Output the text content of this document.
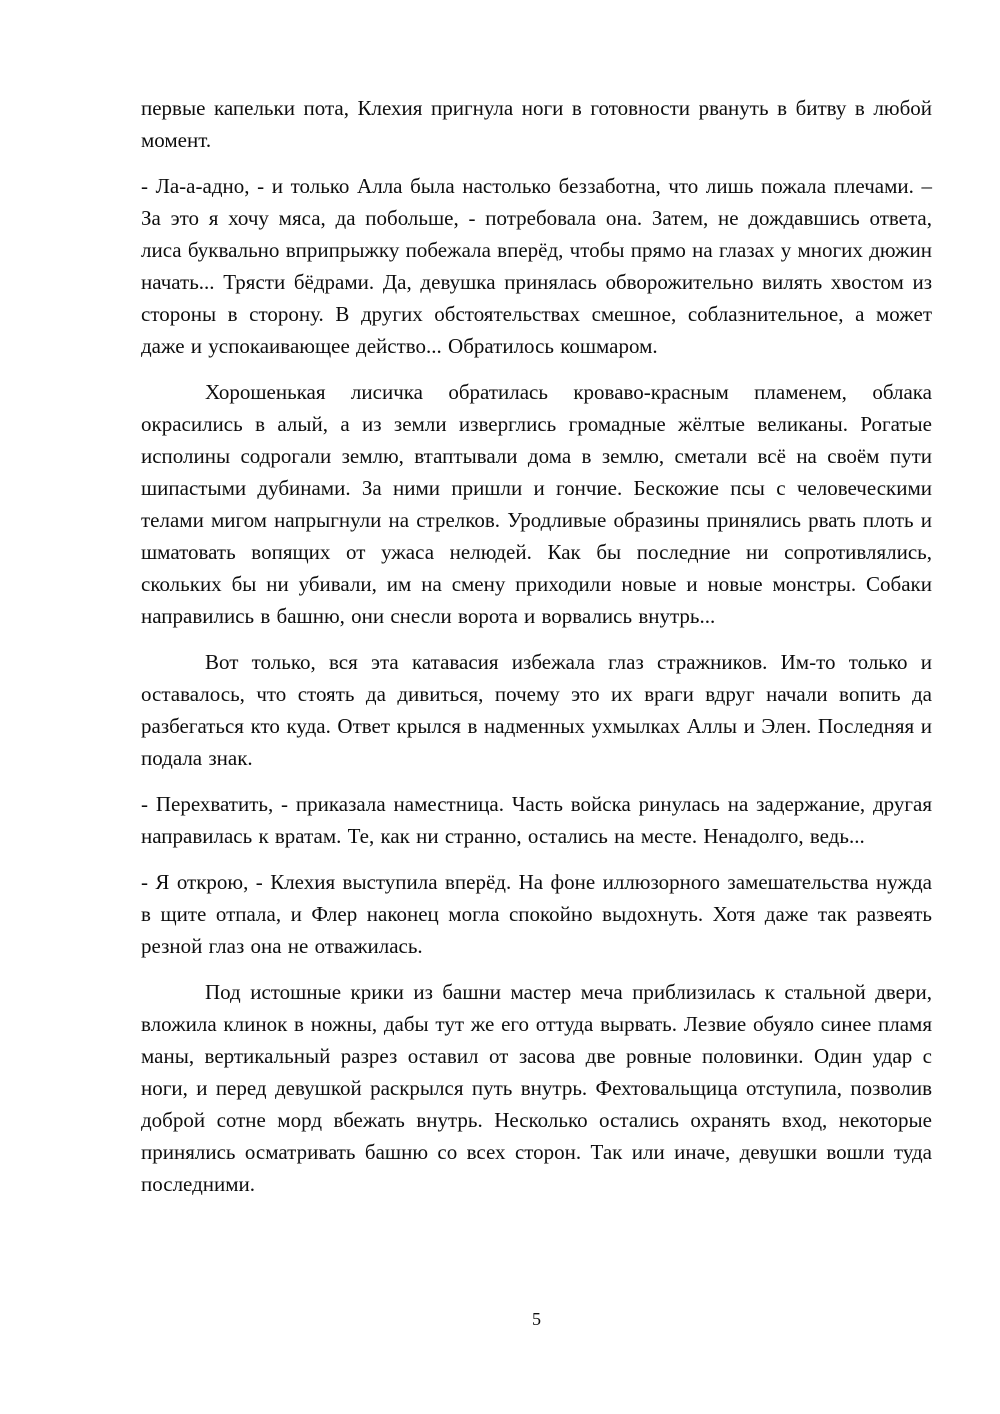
первые капельки пота, Клехия пригнула ноги в готовности рвануть в битву в любой момент.

- Ла-а-адно, - и только Алла была настолько беззаботна, что лишь пожала плечами. – За это я хочу мяса, да побольше, - потребовала она. Затем, не дождавшись ответа, лиса буквально вприпрыжку побежала вперёд, чтобы прямо на глазах у многих дюжин начать... Трясти бёдрами. Да, девушка принялась обворожительно вилять хвостом из стороны в сторону. В других обстоятельствах смешное, соблазнительное, а может даже и успокаивающее действо... Обратилось кошмаром.

Хорошенькая лисичка обратилась кроваво-красным пламенем, облака окрасились в алый, а из земли изверглись громадные жёлтые великаны. Рогатые исполины содрогали землю, втаптывали дома в землю, сметали всё на своём пути шипастыми дубинами. За ними пришли и гончие. Бескожие псы с человеческими телами мигом напрыгнули на стрелков. Уродливые образины принялись рвать плоть и шматовать вопящих от ужаса нелюдей. Как бы последние ни сопротивлялись, скольких бы ни убивали, им на смену приходили новые и новые монстры. Собаки направились в башню, они снесли ворота и ворвались внутрь...

Вот только, вся эта катавасия избежала глаз стражников. Им-то только и оставалось, что стоять да дивиться, почему это их враги вдруг начали вопить да разбегаться кто куда. Ответ крылся в надменных ухмылках Аллы и Элен. Последняя и подала знак.

- Перехватить, - приказала наместница. Часть войска ринулась на задержание, другая направилась к вратам. Те, как ни странно, остались на месте. Ненадолго, ведь...

- Я открою, - Клехия выступила вперёд. На фоне иллюзорного замешательства нужда в щите отпала, и Флер наконец могла спокойно выдохнуть. Хотя даже так развеять резной глаз она не отважилась.

Под истошные крики из башни мастер меча приблизилась к стальной двери, вложила клинок в ножны, дабы тут же его оттуда вырвать. Лезвие обуяло синее пламя маны, вертикальный разрез оставил от засова две ровные половинки. Один удар с ноги, и перед девушкой раскрылся путь внутрь. Фехтовальщица отступила, позволив доброй сотне морд вбежать внутрь. Несколько остались охранять вход, некоторые принялись осматривать башню со всех сторон. Так или иначе, девушки вошли туда последними.

5
